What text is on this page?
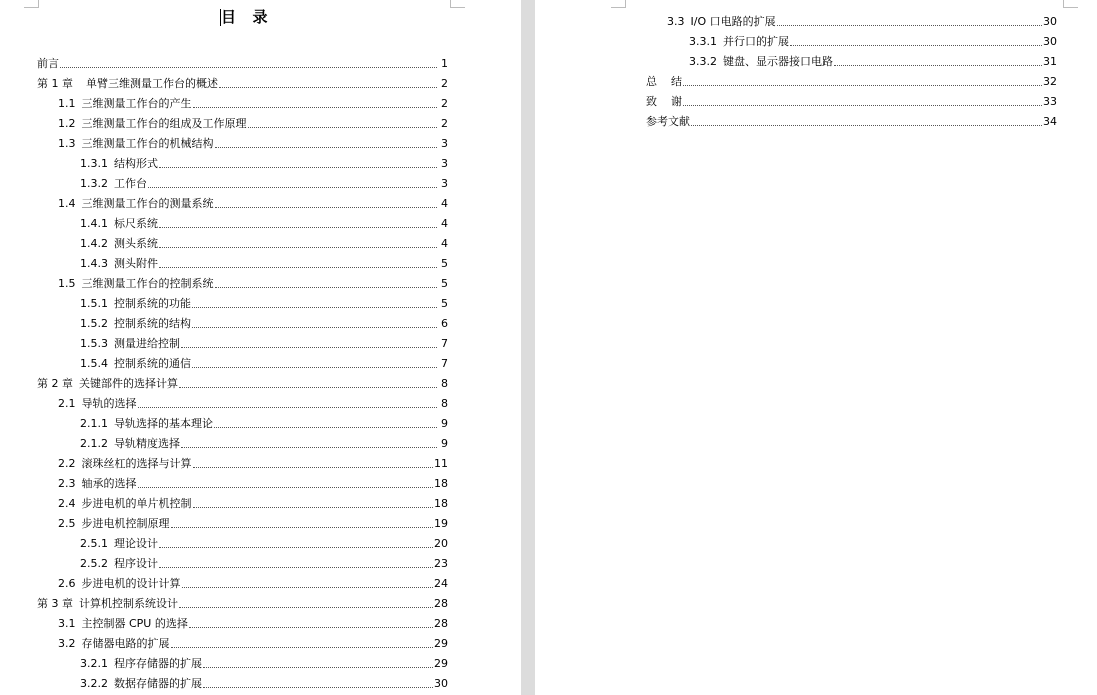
目  录
前言	1
第 1 章 单臂三维测量工作台的概述	2
1.1 三维测量工作台的产生	2
1.2 三维测量工作台的组成及工作原理	2
1.3 三维测量工作台的机械结构	3
1.3.1 结构形式	3
1.3.2 工作台	3
1.4 三维测量工作台的测量系统	4
1.4.1 标尺系统	4
1.4.2 测头系统	4
1.4.3 测头附件	5
1.5 三维测量工作台的控制系统	5
1.5.1 控制系统的功能	5
1.5.2 控制系统的结构	6
1.5.3 测量进给控制	7
1.5.4 控制系统的通信	7
第 2 章 关键部件的选择计算	8
2.1 导轨的选择	8
2.1.1 导轨选择的基本理论	9
2.1.2 导轨精度选择	9
2.2 滚珠丝杠的选择与计算	11
2.3 轴承的选择	18
2.4 步进电机的单片机控制	18
2.5 步进电机控制原理	19
2.5.1 理论设计	20
2.5.2 程序设计	23
2.6 步进电机的设计计算	24
第 3 章 计算机控制系统设计	28
3.1 主控制器 CPU 的选择	28
3.2 存储器电路的扩展	29
3.2.1 程序存储器的扩展	29
3.2.2 数据存储器的扩展	30
3.3 I/O 口电路的扩展	30
3.3.1 并行口的扩展	30
3.3.2 键盘、显示器接口电路	31
总    结	32
致    谢	33
参考文献	34
